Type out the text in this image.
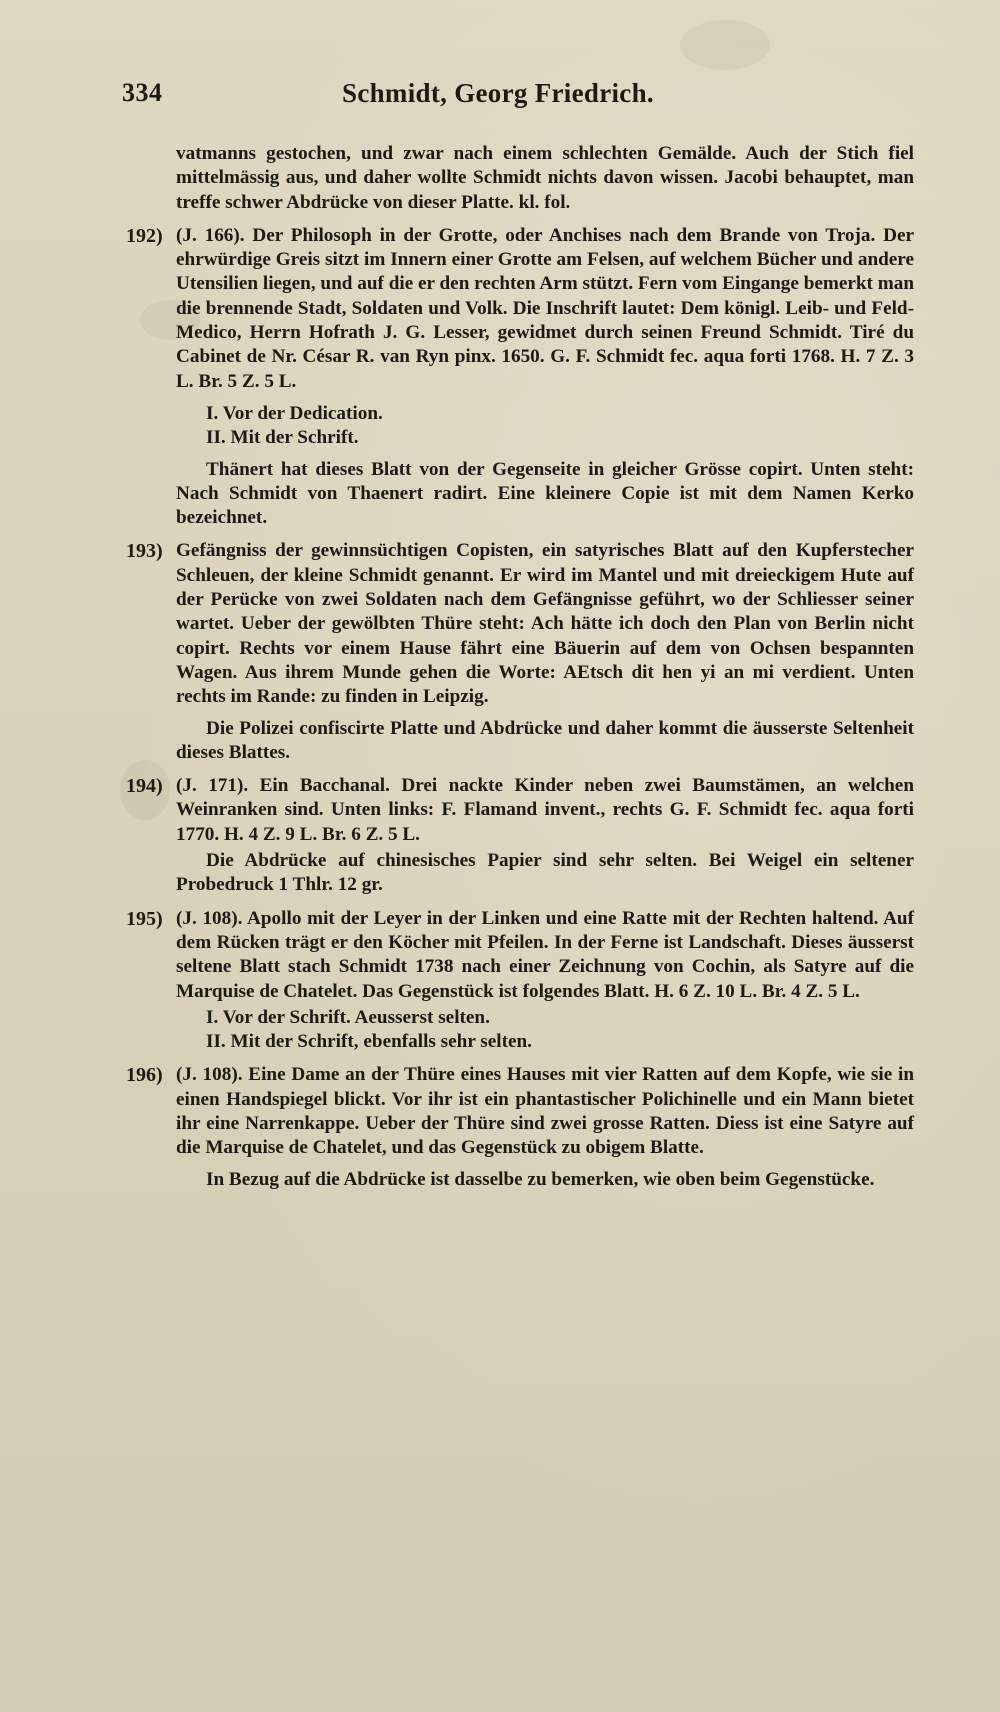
334	Schmidt, Georg Friedrich.

vatmanns gestochen, und zwar nach einem schlechten Gemälde. Auch der Stich fiel mittelmässig aus, und daher wollte Schmidt nichts davon wissen. Jacobi behauptet, man treffe schwer Abdrücke von dieser Platte. kl. fol.

192) (J. 166). Der Philosoph in der Grotte, oder Anchises nach dem Brande von Troja. Der ehrwürdige Greis sitzt im Innern einer Grotte am Felsen, auf welchem Bücher und andere Utensilien liegen, und auf die er den rechten Arm stützt. Fern vom Eingange bemerkt man die brennende Stadt, Soldaten und Volk. Die Inschrift lautet: Dem königl. Leib- und Feld-Medico, Herrn Hofrath J. G. Lesser, gewidmet durch seinen Freund Schmidt. Tiré du Cabinet de Nr. César R. van Ryn pinx. 1650. G. F. Schmidt fec. aqua forti 1768. H. 7 Z. 3 L. Br. 5 Z. 5 L.

I. Vor der Dedication.

II. Mit der Schrift.

Thänert hat dieses Blatt von der Gegenseite in gleicher Grösse copirt. Unten steht: Nach Schmidt von Thaenert radirt. Eine kleinere Copie ist mit dem Namen Kerko bezeichnet.

193) Gefängniss der gewinnsüchtigen Copisten, ein satyrisches Blatt auf den Kupferstecher Schleuen, der kleine Schmidt genannt. Er wird im Mantel und mit dreieckigem Hute auf der Perücke von zwei Soldaten nach dem Gefängnisse geführt, wo der Schliesser seiner wartet. Ueber der gewölbten Thüre steht: Ach hätte ich doch den Plan von Berlin nicht copirt. Rechts vor einem Hause fährt eine Bäuerin auf dem von Ochsen bespannten Wagen. Aus ihrem Munde gehen die Worte: AEtsch dit hen yi an mi verdient. Unten rechts im Rande: zu finden in Leipzig.

Die Polizei confiscirte Platte und Abdrücke und daher kommt die äusserste Seltenheit dieses Blattes.

194) (J. 171). Ein Bacchanal. Drei nackte Kinder neben zwei Baumstämen, an welchen Weinranken sind. Unten links: F. Flamand invent., rechts G. F. Schmidt fec. aqua forti 1770. H. 4 Z. 9 L. Br. 6 Z. 5 L.

Die Abdrücke auf chinesisches Papier sind sehr selten. Bei Weigel ein seltener Probedruck 1 Thlr. 12 gr.

195) (J. 108). Apollo mit der Leyer in der Linken und eine Ratte mit der Rechten haltend. Auf dem Rücken trägt er den Köcher mit Pfeilen. In der Ferne ist Landschaft. Dieses äusserst seltene Blatt stach Schmidt 1738 nach einer Zeichnung von Cochin, als Satyre auf die Marquise de Chatelet. Das Gegenstück ist folgendes Blatt. H. 6 Z. 10 L. Br. 4 Z. 5 L.

I. Vor der Schrift. Aeusserst selten.

II. Mit der Schrift, ebenfalls sehr selten.

196) (J. 108). Eine Dame an der Thüre eines Hauses mit vier Ratten auf dem Kopfe, wie sie in einen Handspiegel blickt. Vor ihr ist ein phantastischer Polichinelle und ein Mann bietet ihr eine Narrenkappe. Ueber der Thüre sind zwei grosse Ratten. Diess ist eine Satyre auf die Marquise de Chatelet, und das Gegenstück zu obigem Blatte.

In Bezug auf die Abdrücke ist dasselbe zu bemerken, wie oben beim Gegenstücke.
